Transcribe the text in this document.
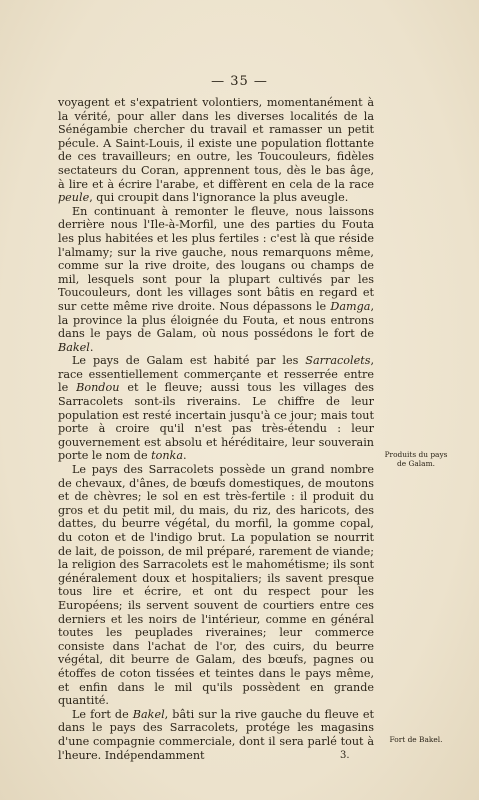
— 35 —

voyagent et s'expatrient volontiers, momentanément à la vérité, pour aller dans les diverses localités de la Sénégambie chercher du travail et ramasser un petit pécule. A Saint-Louis, il existe une population flottante de ces travailleurs; en outre, les Toucouleurs, fidèles sectateurs du Coran, apprennent tous, dès le bas âge, à lire et à écrire l'arabe, et diffèrent en cela de la race peule, qui croupit dans l'ignorance la plus aveugle.

En continuant à remonter le fleuve, nous laissons derrière nous l'Ile-à-Morfil, une des parties du Fouta les plus habitées et les plus fertiles : c'est là que réside l'almamy; sur la rive gauche, nous remarquons même, comme sur la rive droite, des lougans ou champs de mil, lesquels sont pour la plupart cultivés par les Toucouleurs, dont les villages sont bâtis en regard et sur cette même rive droite. Nous dépassons le Damga, la province la plus éloignée du Fouta, et nous entrons dans le pays de Galam, où nous possédons le fort de Bakel.

Le pays de Galam est habité par les Sarracolets, race essentiellement commerçante et resserrée entre le Bondou et le fleuve; aussi tous les villages des Sarracolets sont-ils riverains. Le chiffre de leur population est resté incertain jusqu'à ce jour; mais tout porte à croire qu'il n'est pas très-étendu : leur gouvernement est absolu et héréditaire, leur souverain porte le nom de tonka.

Le pays des Sarracolets possède un grand nombre de chevaux, d'ânes, de bœufs domestiques, de moutons et de chèvres; le sol en est très-fertile : il produit du gros et du petit mil, du mais, du riz, des haricots, des dattes, du beurre végétal, du morfil, la gomme copal, du coton et de l'indigo brut. La population se nourrit de lait, de poisson, de mil préparé, rarement de viande; la religion des Sarracolets est le mahométisme; ils sont généralement doux et hospitaliers; ils savent presque tous lire et écrire, et ont du respect pour les Européens; ils servent souvent de courtiers entre ces derniers et les noirs de l'intérieur, comme en général toutes les peuplades riveraines; leur commerce consiste dans l'achat de l'or, des cuirs, du beurre végétal, dit beurre de Galam, des bœufs, pagnes ou étoffes de coton tissées et teintes dans le pays même, et enfin dans le mil qu'ils possèdent en grande quantité.

Le fort de Bakel, bâti sur la rive gauche du fleuve et dans le pays des Sarracolets, protége les magasins d'une compagnie commerciale, dont il sera parlé tout à l'heure. Indépendamment

Produits du pays de Galam.
Fort de Bakel.
3.
